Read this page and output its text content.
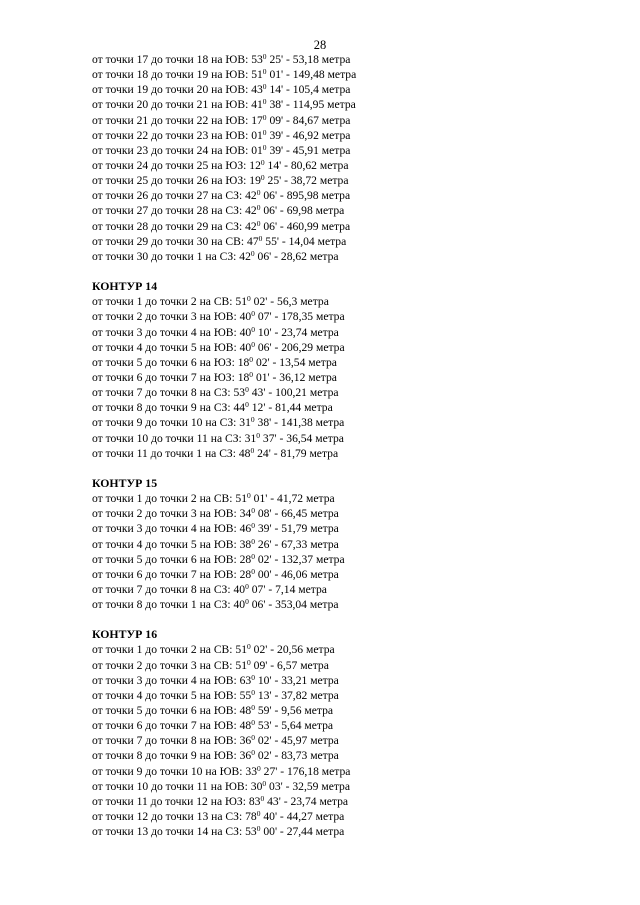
28
от точки 17 до точки 18 на ЮВ: $53^0$ 25' - 53,18 метра
от точки 18 до точки 19 на ЮВ: $51^0$ 01' - 149,48 метра
от точки 19 до точки 20 на ЮВ: $43^0$ 14' - 105,4 метра
от точки 20 до точки 21 на ЮВ: $41^0$ 38' - 114,95 метра
от точки 21 до точки 22 на ЮВ: $17^0$ 09' - 84,67 метра
от точки 22 до точки 23 на ЮВ: $01^0$ 39' - 46,92 метра
от точки 23 до точки 24 на ЮВ: $01^0$ 39' - 45,91 метра
от точки 24 до точки 25 на ЮЗ: $12^0$ 14' - 80,62 метра
от точки 25 до точки 26 на ЮЗ: $19^0$ 25' - 38,72 метра
от точки 26 до точки 27 на СЗ: $42^0$ 06' - 895,98 метра
от точки 27 до точки 28 на СЗ: $42^0$ 06' - 69,98 метра
от точки 28 до точки 29 на СЗ: $42^0$ 06' - 460,99 метра
от точки 29 до точки 30 на СВ: $47^0$ 55' - 14,04 метра
от точки 30 до точки 1 на СЗ: $42^0$ 06' - 28,62 метра
КОНТУР 14
от точки 1 до точки 2 на СВ: $51^0$ 02' - 56,3 метра
от точки 2 до точки 3 на ЮВ: $40^0$ 07' - 178,35 метра
от точки 3 до точки 4 на ЮВ: $40^0$ 10' - 23,74 метра
от точки 4 до точки 5 на ЮВ: $40^0$ 06' - 206,29 метра
от точки 5 до точки 6 на ЮЗ: $18^0$ 02' - 13,54 метра
от точки 6 до точки 7 на ЮЗ: $18^0$ 01' - 36,12 метра
от точки 7 до точки 8 на СЗ: $53^0$ 43' - 100,21 метра
от точки 8 до точки 9 на СЗ: $44^0$ 12' - 81,44 метра
от точки 9 до точки 10 на СЗ: $31^0$ 38' - 141,38 метра
от точки 10 до точки 11 на СЗ: $31^0$ 37' - 36,54 метра
от точки 11 до точки 1 на СЗ: $48^0$ 24' - 81,79 метра
КОНТУР 15
от точки 1 до точки 2 на СВ: $51^0$ 01' - 41,72 метра
от точки 2 до точки 3 на ЮВ: $34^0$ 08' - 66,45 метра
от точки 3 до точки 4 на ЮВ: $46^0$ 39' - 51,79 метра
от точки 4 до точки 5 на ЮВ: $38^0$ 26' - 67,33 метра
от точки 5 до точки 6 на ЮВ: $28^0$ 02' - 132,37 метра
от точки 6 до точки 7 на ЮВ: $28^0$ 00' - 46,06 метра
от точки 7 до точки 8 на СЗ: $40^0$ 07' - 7,14 метра
от точки 8 до точки 1 на СЗ: $40^0$ 06' - 353,04 метра
КОНТУР 16
от точки 1 до точки 2 на СВ: $51^0$ 02' - 20,56 метра
от точки 2 до точки 3 на СВ: $51^0$ 09' - 6,57 метра
от точки 3 до точки 4 на ЮВ: $63^0$ 10' - 33,21 метра
от точки 4 до точки 5 на ЮВ: $55^0$ 13' - 37,82 метра
от точки 5 до точки 6 на ЮВ: $48^0$ 59' - 9,56 метра
от точки 6 до точки 7 на ЮВ: $48^0$ 53' - 5,64 метра
от точки 7 до точки 8 на ЮВ: $36^0$ 02' - 45,97 метра
от точки 8 до точки 9 на ЮВ: $36^0$ 02' - 83,73 метра
от точки 9 до точки 10 на ЮВ: $33^0$ 27' - 176,18 метра
от точки 10 до точки 11 на ЮВ: $30^0$ 03' - 32,59 метра
от точки 11 до точки 12 на ЮЗ: $83^0$ 43' - 23,74 метра
от точки 12 до точки 13 на СЗ: $78^0$ 40' - 44,27 метра
от точки 13 до точки 14 на СЗ: $53^0$ 00' - 27,44 метра
